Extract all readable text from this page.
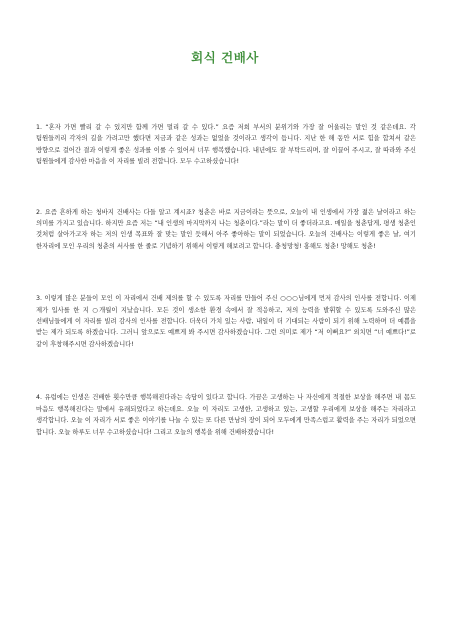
회식 건배사

1. “혼자 가면 빨리 갈 수 있지만 함께 가면 멀리 갈 수 있다.” 요즘 저희 부서의 분위기와 가장 잘 어울리는 말인 것 같은데요. 각 팀원들끼리 각자의 길을 가려고만 했다면 지금과 같은 성과는 없었을 것이라고 생각이 듭니다. 지난 한 해 동안 서로 힘을 합쳐서 같은 방향으로 걸어간 결과 이렇게 좋은 성과를 이룰 수 있어서 너무 행복했습니다. 내년에도 잘 부탁드리며, 잘 이끌어 주시고, 잘 따라와 주신 팀원들에게 감사한 마음을 이 자리를 빌려 전합니다. 모두 수고하셨습니다!

2. 요즘 흔하게 하는 청바지 건배사는 다들 알고 계시죠? 청춘은 바로 지금이라는 뜻으로, 오늘이 내 인생에서 가장 젊은 날이라고 하는 의미를 가지고 있습니다. 하지만 요즘 저는 “내 인생의 마지막까지 나는 청춘이다.”라는 말이 더 좋더라고요. 매일을 청춘답게, 평생 청춘인 것처럼 살아가고자 하는 저의 인생 목표와 잘 맞는 말인 듯해서 아주 좋아하는 말이 되었습니다. 오늘의 건배사는 이렇게 좋은 날, 여기 한자리에 모인 우리의 청춘의 서사를 한 줄로 기념하기 위해서 이렇게 해보려고 합니다. 충청망청! 홍해도 청춘! 망해도 청춘!

3. 이렇게 많은 분들이 모인 이 자리에서 건배 제의를 할 수 있도록 자리를 만들어 주신 ○○○님에게 먼저 감사의 인사를 전합니다. 이제 제가 입사를 한 지 ○개월이 지났습니다. 모든 것이 생소한 환경 속에서 잘 적응하고, 저의 능력을 발휘할 수 있도록 도와주신 많은 선배님들에게 이 자리를 빌려 감사의 인사를 전합니다. 더욱더 가치 있는 사람, 내일이 더 기대되는 사람이 되기 위해 노력하며 더 예쁨을 받는 제가 되도록 하겠습니다. 그러니 앞으로도 예쁘게 봐 주시면 감사하겠습니다. 그런 의미로 제가 “저 이뻐요?” 외치면 “너 예쁘다!”로 같이 후창해주시면 감사하겠습니다!

4. 유럽에는 인생은 건배한 횟수만큼 행복해진다라는 속담이 있다고 합니다. 가끔은 고생하는 나 자신에게 적절한 보상을 해주면 내 몸도 마음도 행복해진다는 말에서 유래되었다고 하는데요. 오늘 이 자리도 고생한, 고생하고 있는, 고생할 우리에게 보상을 해주는 자리라고 생각합니다. 오늘 이 자리가 서로 좋은 이야기를 나눌 수 있는 또 다른 만남의 장이 되어 모두에게 만족스럽고 활력을 주는 자리가 되었으면 합니다. 오늘 하루도 너무 수고하셨습니다! 그리고 오늘의 행복을 위해 건배하겠습니다!
